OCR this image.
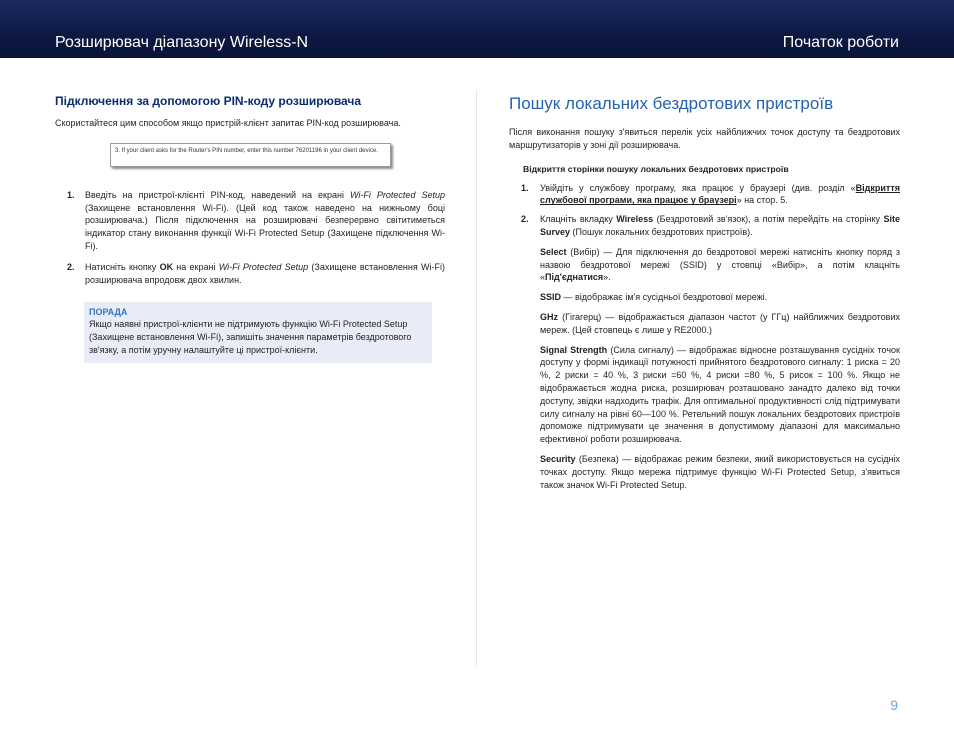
Розширювач діапазону Wireless-N	Початок роботи
Підключення за допомогою PIN-коду розширювача

Скористайтеся цим способом якщо пристрій-клієнт запитає PIN-код розширювача.

3. If your client asks for the Router's PIN number, enter this number 76201196 in your client device.
1. Введіть на пристрої-клієнті PIN-код, наведений на екрані Wi-Fi Protected Setup (Захищене встановлення Wi-Fi). (Цей код також наведено на нижньому боці розширювача.) Після підключення на розширювачі безперервно світитиметься індикатор стану виконання функції Wi-Fi Protected Setup (Захищене підключення Wi-Fi).
2. Натисніть кнопку OK на екрані Wi-Fi Protected Setup (Захищене встановлення Wi-Fi) розширювача впродовж двох хвилин.
ПОРАДА
Якщо наявні пристрої-клієнти не підтримують функцію Wi-Fi Protected Setup (Захищене встановлення Wi-Fi), запишіть значення параметрів бездротового зв'язку, а потім уручну налаштуйте ці пристрої-клієнти.
Пошук локальних бездротових пристроїв

Після виконання пошуку з'явиться перелік усіх найближчих точок доступу та бездротових маршрутизаторів у зоні дії розширювача.

Відкриття сторінки пошуку локальних бездротових пристроїв
1. Увійдіть у службову програму, яка працює у браузері (див. розділ «Відкриття службової програми, яка працює у браузері» на стор. 5.
2. Клацніть вкладку Wireless (Бездротовий зв'язок), а потім перейдіть на сторінку Site Survey (Пошук локальних бездротових пристроїв).

Select (Вибір) — Для підключення до бездротової мережі натисніть кнопку поряд з назвою бездротової мережі (SSID) у стовпці «Вибір», а потім клацніть «Під'єднатися».

SSID — відображає ім'я сусідньої бездротової мережі.

GHz (Гігагерц) — відображається діапазон частот (у ГГц) найближчих бездротових мереж. (Цей стовпець є лише у RE2000.)

Signal Strength (Сила сигналу) — відображає відносне розташування сусідніх точок доступу у формі індикації потужності прийнятого бездротового сигналу: 1 риска = 20 %, 2 риски = 40 %, 3 риски =60 %, 4 риски =80 %, 5 рисок = 100 %. Якщо не відображається жодна риска, розширювач розташовано занадто далеко від точки доступу, звідки надходить трафік. Для оптимальної продуктивності слід підтримувати силу сигналу на рівні 60—100 %. Ретельний пошук локальних бездротових пристроїв допоможе підтримувати це значення в допустимому діапазоні для максимально ефективної роботи розширювача.

Security (Безпека) — відображає режим безпеки, який використовується на сусідніх точках доступу. Якщо мережа підтримує функцію Wi-Fi Protected Setup, з'явиться також значок Wi-Fi Protected Setup.

9
